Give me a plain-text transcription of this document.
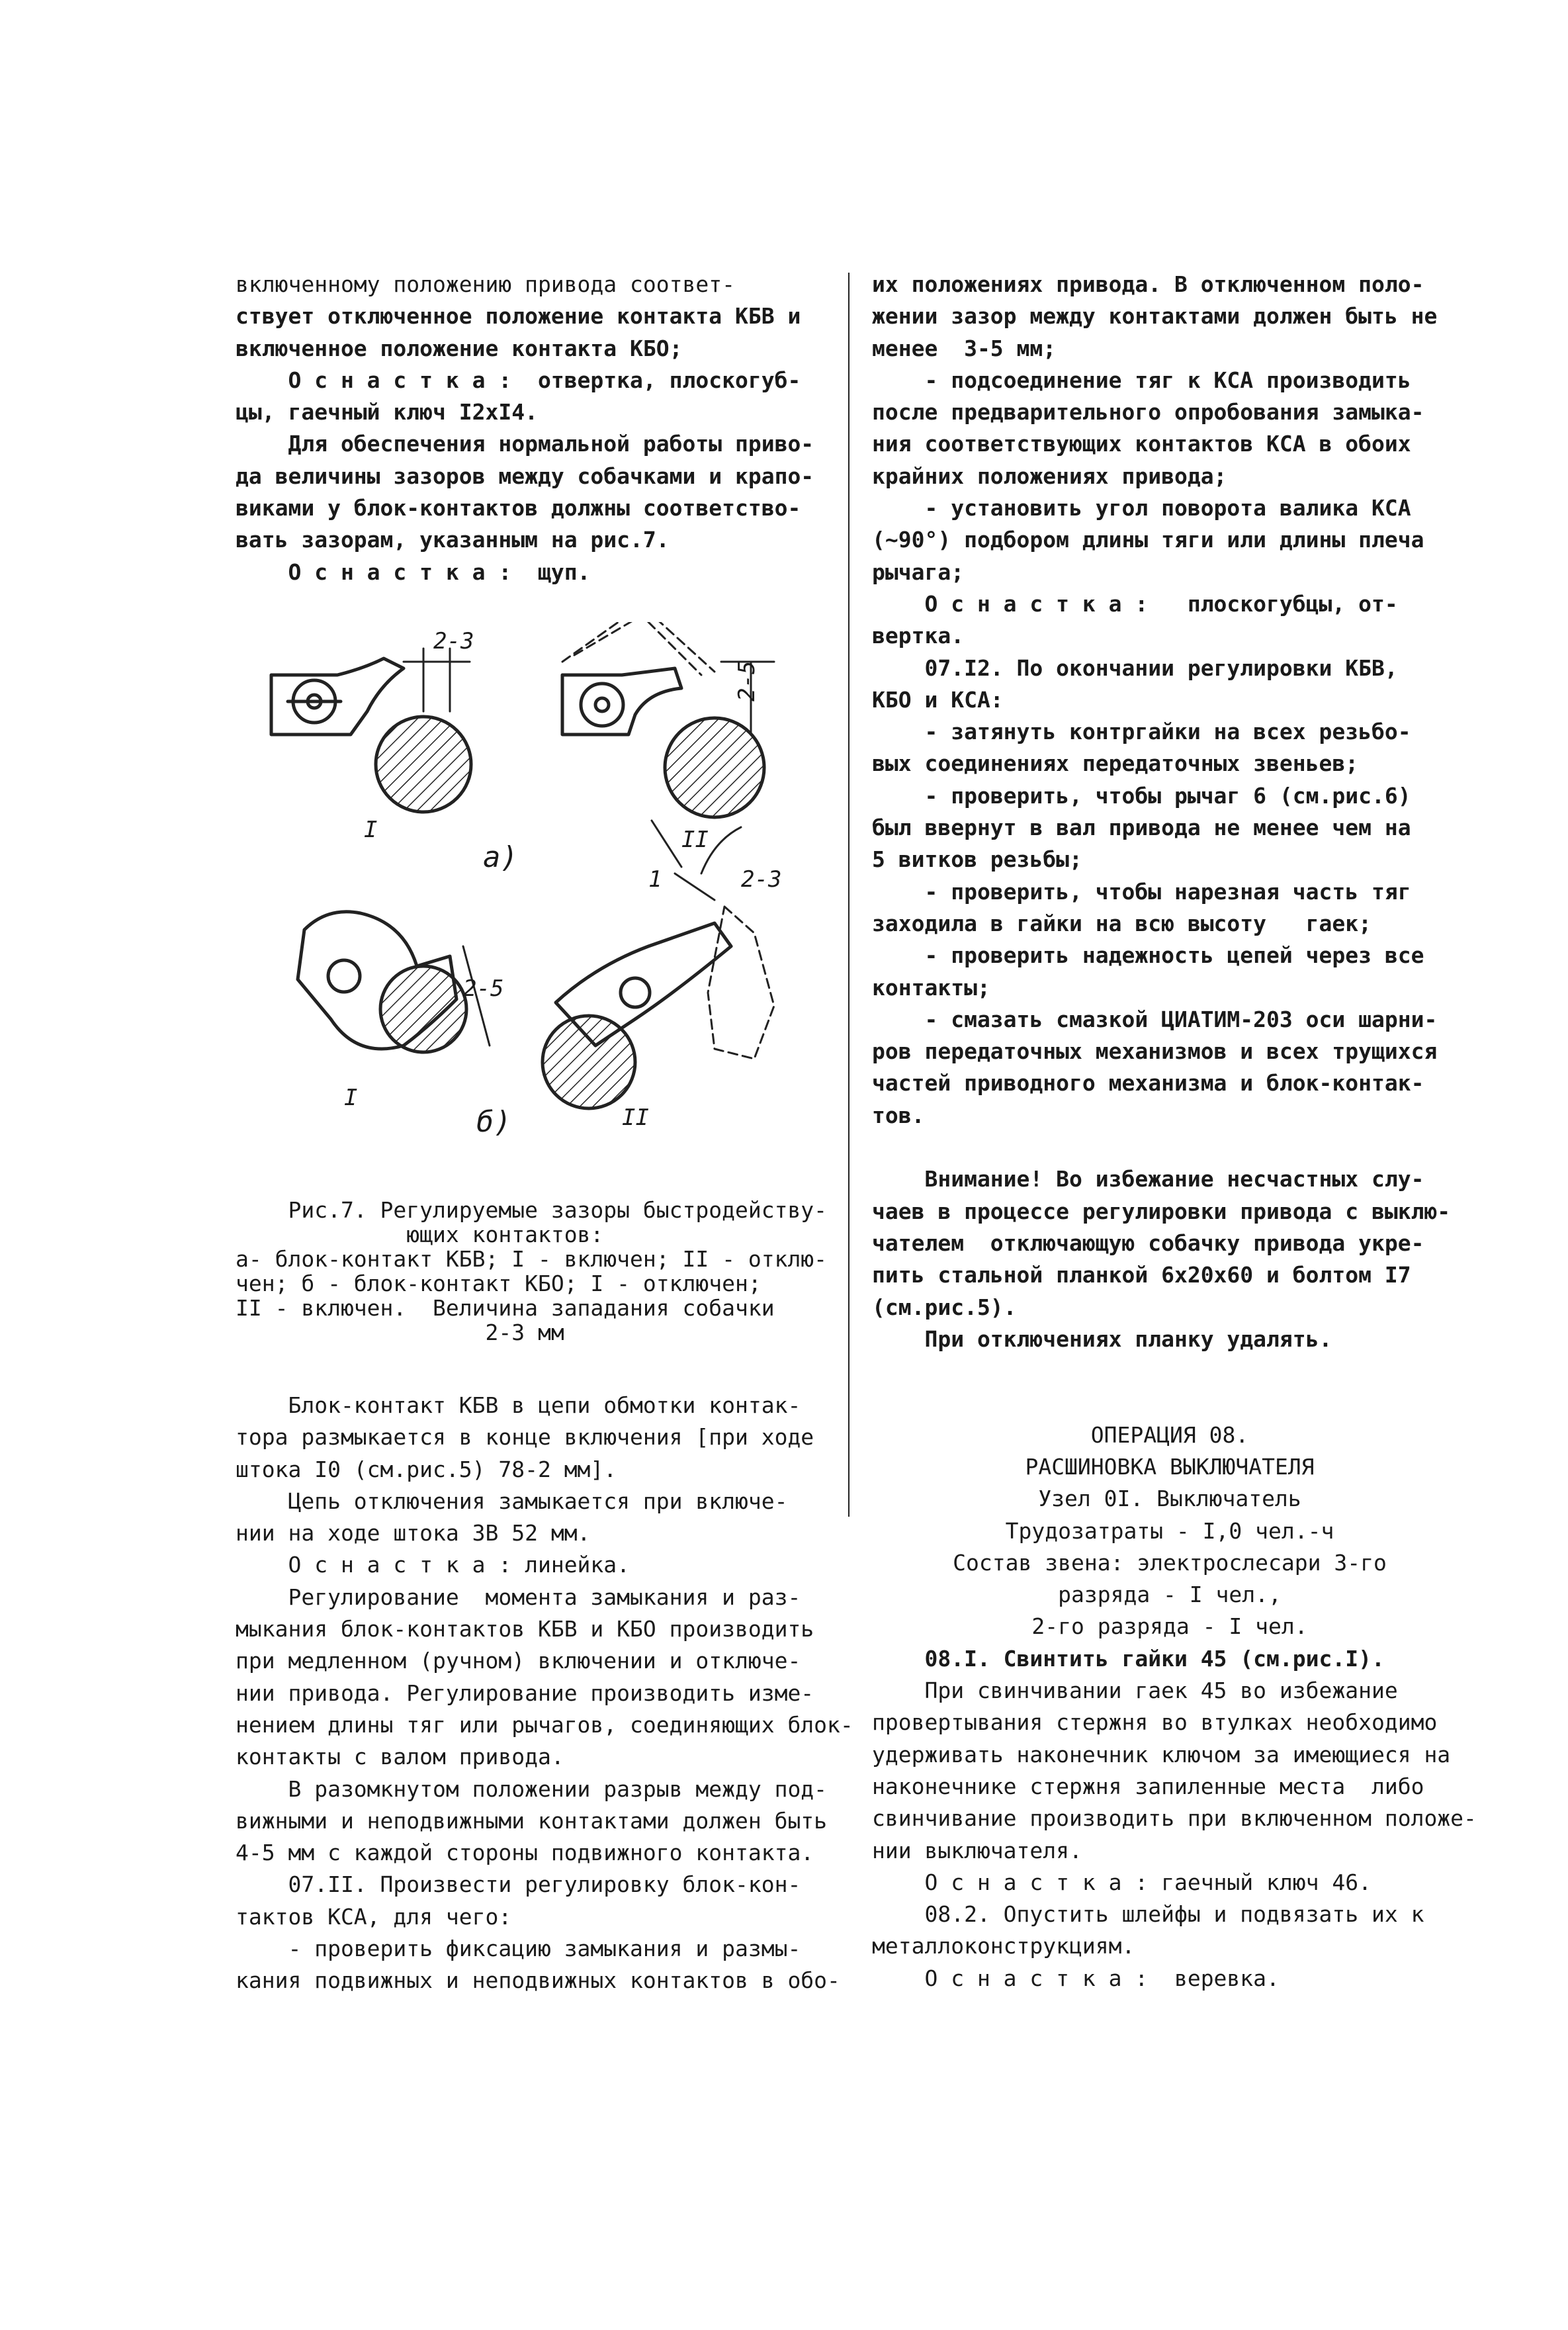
включенному положению привода соответ-
ствует отключенное положение контакта КБВ и
включенное положение контакта КБО;
О с н а с т к а :  отвертка, плоскогуб-
цы, гаечный ключ I2xI4.
Для обеспечения нормальной работы приво-
да величины зазоров между собачками и крапо-
виками у блок-контактов должны соответство-
вать зазорам, указанным на рис.7.
О с н а с т к а :  щуп.
2-3
2-5
I
a)
II
1	2-3
2-5
I
б)	II
Рис.7. Регулируемые зазоры быстродейству-
ющих контактов:
а- блок-контакт КБВ; I - включен; II - отклю-
чен; б - блок-контакт КБО; I - отключен;
II - включен.  Величина западания собачки
2-3 мм
Блок-контакт КБВ в цепи обмотки контак-
тора размыкается в конце включения [при ходе
штока I0 (см.рис.5) 78-2 мм].
Цепь отключения замыкается при включе-
нии на ходе штока ЗВ 52 мм.
О с н а с т к а : линейка.
Регулирование  момента замыкания и раз-
мыкания блок-контактов КБВ и КБО производить
при медленном (ручном) включении и отключе-
нии привода. Регулирование производить изме-
нением длины тяг или рычагов, соединяющих блок-
контакты с валом привода.
В разомкнутом положении разрыв между под-
вижными и неподвижными контактами должен быть
4-5 мм с каждой стороны подвижного контакта.
07.II. Произвести регулировку блок-кон-
тактов КСА, для чего:
- проверить фиксацию замыкания и размы-
кания подвижных и неподвижных контактов в обо-
их положениях привода. В отключенном поло-
жении зазор между контактами должен быть не
менее  3-5 мм;
- подсоединение тяг к КСА производить
после предварительного опробования замыка-
ния соответствующих контактов КСА в обоих
крайних положениях привода;
- установить угол поворота валика КСА
(~90°) подбором длины тяги или длины плеча
рычага;
О с н а с т к а :   плоскогубцы, от-
вертка.
07.I2. По окончании регулировки КБВ,
КБО и КСА:
- затянуть контргайки на всех резьбо-
вых соединениях передаточных звеньев;
- проверить, чтобы рычаг 6 (см.рис.6)
был ввернут в вал привода не менее чем на
5 витков резьбы;
- проверить, чтобы нарезная часть тяг
заходила в гайки на всю высоту   гаек;
- проверить надежность цепей через все
контакты;
- смазать смазкой ЦИАТИМ-203 оси шарни-
ров передаточных механизмов и всех трущихся
частей приводного механизма и блок-контак-
тов.
Внимание! Во избежание несчастных слу-
чаев в процессе регулировки привода с выклю-
чателем  отключающую собачку привода укре-
пить стальной планкой 6x20x60 и болтом I7
(см.рис.5).
При отключениях планку удалять.
ОПЕРАЦИЯ 08.
РАСШИНОВКА ВЫКЛЮЧАТЕЛЯ
Узел 0I. Выключатель
Трудозатраты - I,0 чел.-ч
Состав звена: электрослесари 3-го
разряда - I чел.,
2-го разряда - I чел.
08.I. Свинтить гайки 45 (см.рис.I).
При свинчивании гаек 45 во избежание
провертывания стержня во втулках необходимо
удерживать наконечник ключом за имеющиеся на
наконечнике стержня запиленные места  либо
свинчивание производить при включенном положе-
нии выключателя.
О с н а с т к а : гаечный ключ 46.
08.2. Опустить шлейфы и подвязать их к
металлоконструкциям.
О с н а с т к а :  веревка.
